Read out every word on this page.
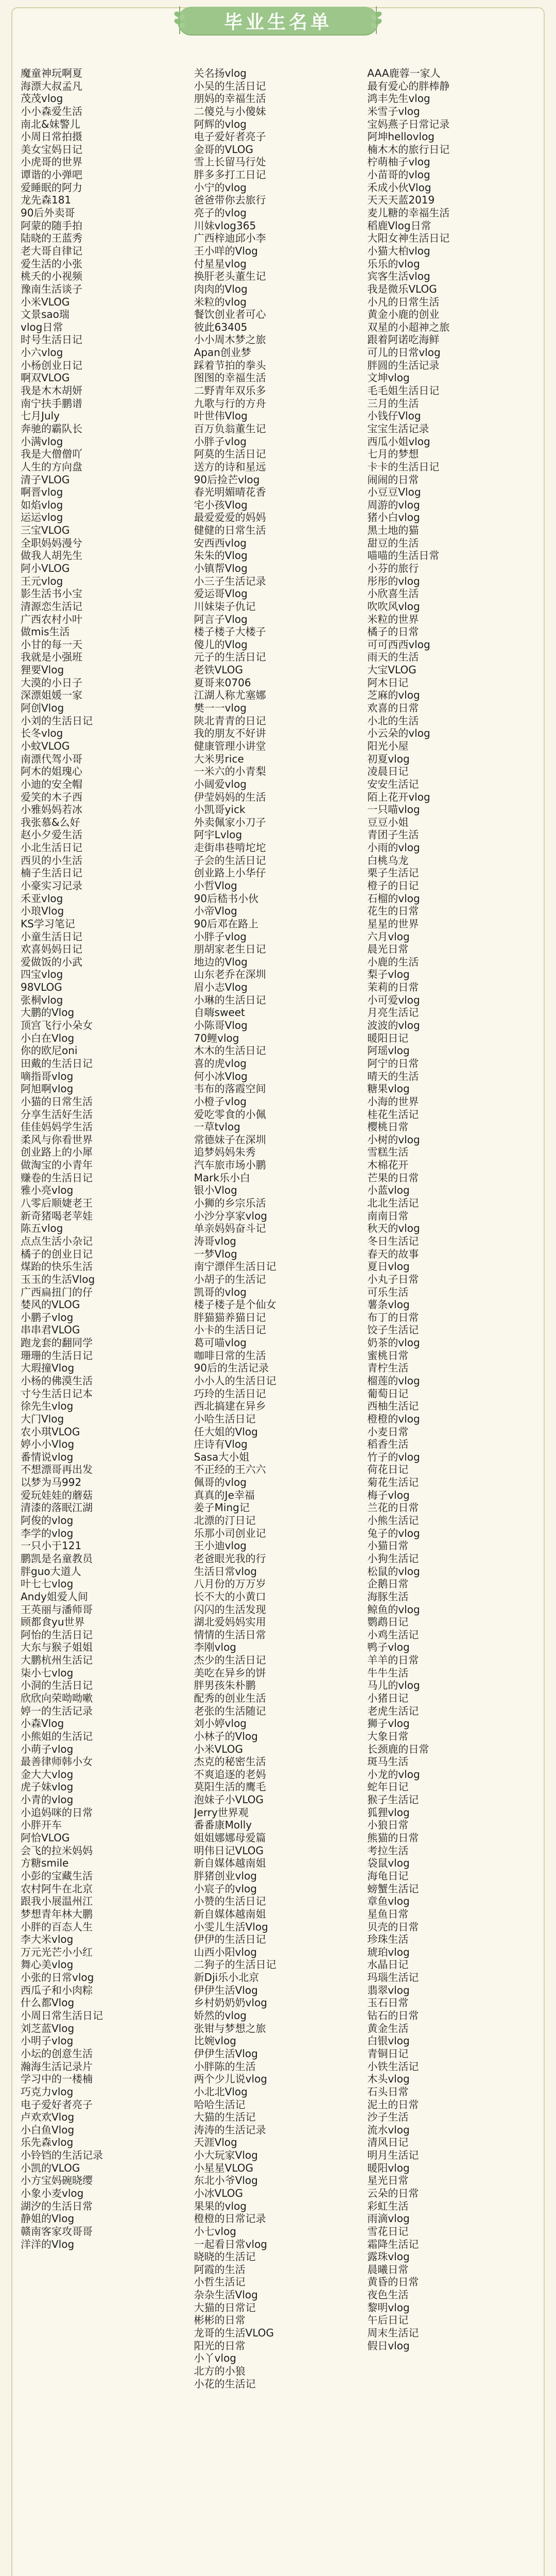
毕业生名单
魔童神玩啊夏
海漂大叔孟凡
茂茂vlog
小小森爱生活
南北&妹警儿
小周日常拍摄
美女宝妈日记
小虎哥的世界
谭谐的小弹吧
爱睡眠的阿力
龙先森181
90后外卖哥
阿蒙的随手拍
陆晓的王蓝秀
老大哥自律记
爱生活的小张
桃夭的小视频
豫南生活谈子
小米VLOG
文景sao瑞
vlog日常
时号生活日记
小六vlog
小杨创业日记
啊双VLOG
我是木木胡妍
南宁扶手鹏谱
七月July
奔驰的霸队长
小满vlog
我是大僧僧吖
人生的方向盘
清子VLOG
啊晋vlog
如焰vlog
运运vlog
三宝VLOG
全职妈妈漫兮
做我人胡先生
阿小VLOG
王元vlog
影生活书小宝
清源恋生活记
广西农村小叶
做mis生活
小甘的每一天
我就是小强班
狸要Vlog
大漠的小日子
深漂姐媛一家
阿创Vlog
小刘的生活日记
长冬vlog
小蚊VLOG
南漂代驾小哥
阿木的姐瑰心
小迪的安全帽
爱笑的木子西
小雅妈妈若冰
我张慕&么好
赵小夕爱生活
小北生活日记
西贝的小生活
楠子生活日记
小豪实习记录
禾亚vlog
小琅Vlog
KS学习笔记
小童生活日记
欢喜妈妈日记
爱做饭的小武
四宝vlog
98VLOG
张桐vlog
大鹏的Vlog
顶宫飞行小朵女
小白在Vlog
你的欧尼oni
田戴的生活日记
嘀指哥vlog
阿旭啊vlog
小猫的日常生活
分享生活好生活
佳佳妈妈学生活
柔风与你看世界
创业路上的小犀
做淘宝的小青年
赚卷的生活日记
雅小亮vlog
八零后顺婕老王
新奇猪喝老苹娃
陈五vlog
点点生活小杂记
橘子的创业日记
煤跆的快乐生活
玉玉的生活Vlog
广西扁扭门的仔
婪风的VLOG
小鹏子vlog
串串君VLOG
跑龙套的翻同学
珊珊的生活日记
大瑕撞Vlog
小杨的佛漠生活
寸兮生活日记本
徐先生vlog
大门Vlog
农小琪VLOG
婷小小Vlog
番情说vlog
不想漂哥再出发
以梦为马992
爱玩娃娃的蘑菇
清漆的落眠江湖
阿俊的vlog
李学的vlog
一只小于121
鹏凯是名童教员
胖guo大道人
叶七七vlog
Andy姐爱人间
王英丽与潘师哥
顾都食yu世界
阿怡的生活日记
大东与猴子姐姐
大鹏杭州生活记
柒小七vlog
小洞的生活日记
欣欣向荣呦呦嗽
婷一的生活记录
小森Vlog
小熊姐的生活记
小萌子vlog
最善律师韩小女
金大大vlog
虎子妹vlog
小青的vlog
小追妈咪的日常
小胖开车
阿恰VLOG
会飞的拉米妈妈
方糖smile
小彭的宝藏生活
农村阿牛在北京
跟我小展温州江
梦想青年林大鹏
小胖的百态人生
李大米vlog
万元光芒小小红
舞心美vlog
小张的日常vlog
西瓜子和小肉粽
什么都Vlog
小周日常生活日记
刘芝蓝Vlog
小明子vlog
小坛的创意生活
瀚海生活记录片
学习中的一楼楠
巧克力vlog
电子爱好者亮子
卢欢欢Vlog
小白鱼Vlog
乐先森vlog
小铃铛的生活记录
小凯的VLOG
小方宝妈碗晓缨
小象小麦vlog
湖汐的生活日常
静姐的Vlog
赣南客家攻哥哥
洋洋的Vlog
关名扬vlog
小吴的生活日记
朋妈的幸福生活
二傻兑与小傻妹
阿辉的vlog
电子爱好者亮子
金哥的VLOG
雪上长留马行处
胖多多打工日记
小宁的vlog
爸爸带你去旅行
亮子的vlog
川妹vlog365
广西梓迪邱小李
王小咩的Vlog
付星星vlog
换肝老头董生记
肉肉的Vlog
米粒的vlog
餐饮创业者可心
彼此63405
小小周木梦之旅
Apan创业梦
踩着节拍的拳头
图图的幸福生活
二野青年双乐多
九歌与行的方舟
叶世伟Vlog
百万负翁董生记
小胖子vlog
阿莫的生活日记
送方的诗和星远
90后捡芒vlog
春光明媚晴花香
宅小孩Vlog
最爱爱爱的妈妈
健健的日常生活
安西西vlog
朱朱的Vlog
小镇帮Vlog
小三子生活记录
爱运哥Vlog
川妹柒子仇记
阿言子Vlog
楼子楼子大楼子
傻儿的Vlog
元子的生活日记
老铁VLOG
夏哥来0706
江湖人称尤塞娜
樊一一vlog
陕北青青的日记
我的朋友不好讲
健康管理小讲堂
大米男rice
一米六的小青梨
小阔爱vlog
伊莹妈妈的生活
小凯哥yick
外卖佩家小刀子
阿宇Lvlog
走街串巷啃坨坨
子会的生活日记
创业路上小华仔
小哲Vlog
90后嵇书小伙
小帝Vlog
90后邓在路上
小胖子vlog
朋胡家老生日记
地边的Vlog
山东老乔在深圳
眉小志Vlog
小琳的生活日记
自嗨sweet
小陈哥Vlog
70鲤vlog
木木的生活日记
喜的虎vlog
何小冰Vlog
韦布的落霞空间
小橙子vlog
爱吃零食的小佩
一草tvlog
常德妹子在深圳
追梦妈妈朱秀
汽车旅市场小鹏
Mark乐小白
银小Vlog
小狮的乡宗乐活
小沙分享家vlog
单亲妈妈奋斗记
涛哥vlog
一梦Vlog
南宁漂伴生活日记
小胡子的生活记
凯哥的vlog
楼子楼子是个仙女
胖猫猫养猫日记
小卡的生活日记
葛可喵vlog
咖啡日常的生活
90后的生活记录
小小人的生活日记
巧玲的生活日记
西北搞建在异乡
小哈生活日记
任大姐的Vlog
庄诗有Vlog
Sasa大小姐
不正经的王六六
佩哥的vlog
真真的Je幸福
姜子Ming记
北漂的汀日记
乐那小司创业记
王小迪vlog
老爸眼光我的行
生活日常vlog
八月份的万万岁
长不大的小黄口
闪闪的生活发现
湖北爱妈妈实用
情情的生活日常
李刚vlog
杰少的生活日记
美吃在异乡的饼
胖男孩朱朴鹏
配秀的创业生活
老张的生活随记
刘小婷vlog
小林子的Vlog
小米VLOG
杰克的秘密生活
不爽追逐的老妈
莫阳生活的鹰毛
泡妹子小VLOG
Jerry世界观
番番康Molly
姐姐娜娜母爱篇
明伟日记VLOG
新自媒体越南姐
胖猪创业vlog
小宸子的vlog
小赞的生活日记
新自媒体越南姐
小雯儿生活Vlog
伊伊的生活日记
山西小阳vlog
二狗子的生活日记
新Dji乐小北京
伊伊生活Vlog
乡村奶奶奶vlog
娇然的vlog
张钳与梦想之旅
比婉vlog
伊伊生活Vlog
小胖陈的生活
两个少儿说vlog
小北北Vlog
哈哈生活记
大猫的生活记
涛涛的生活记录
天涯Vlog
小大玩家Vlog
小星星VLOG
东北小爷Vlog
小冰VLOG
果果的vlog
橙橙的日常记录
小七vlog
一起看日常vlog
晓晓的生活记
阿霞的生活
小哲生活记
杂杂生活Vlog
大猫的日常记
彬彬的日常
龙哥的生活VLOG
阳光的日常
小丫vlog
北方的小狼
小花的生活记
AAA鹿蓉一家人
最有爱心的胖棒静
鸿丰先生vlog
米雪子vlog
宝妈燕子日常记录
阿坤hellovlog
楠木木的旅行日记
柠萌柚子vlog
小苗哥的vlog
禾成小伙Vlog
天天天蓝2019
麦儿糖的幸福生活
稻鹿Vlog日常
大阳女神生活日记
小猫大柏vlog
乐乐的vlog
宾客生活vlog
我是微乐VLOG
小凡的日常生活
黄金小鹿的创业
双星的小超神之旅
跟着阿诺吃海鲜
可儿的日常vlog
胖圆的生活记录
文坤vlog
毛毛姐生活日记
三月的生活
小钱仔Vlog
宝宝生活记录
西瓜小姐vlog
七月的梦想
卡卡的生活日记
闹闹的日常
小豆豆Vlog
周游的vlog
猪小白vlog
黑土地的猫
甜豆的生活
喵喵的生活日常
小芬的旅行
彤彤的vlog
小欣喜生活
吹吹风vlog
米粒的世界
橘子的日常
可可西西vlog
雨天的生活
大宝VLOG
阿木日记
芝麻的vlog
欢喜的日常
小北的生活
小云朵的vlog
阳光小屋
初夏vlog
凌晨日记
安安生活记
陌上花开vlog
一只喵vlog
豆豆小姐
青团子生活
小雨的vlog
白桃乌龙
栗子生活记
橙子的日记
石榴的vlog
花生的日常
星星的世界
六月vlog
晨光日常
小鹿的生活
梨子vlog
茉莉的日常
小可爱vlog
月亮生活记
波波的vlog
暖阳日记
阿瑶vlog
阿宁的日常
晴天的生活
糖果vlog
小海的世界
桂花生活记
樱桃日常
小树的vlog
雪糕生活
木棉花开
芒果的日常
小蓝vlog
北北生活记
南南日常
秋天的vlog
冬日生活记
春天的故事
夏日vlog
小丸子日常
可乐生活
薯条vlog
布丁的日常
饺子生活记
奶茶的vlog
蜜桃日常
青柠生活
榴莲的vlog
葡萄日记
西柚生活记
橙橙的vlog
小麦日常
稻香生活
竹子的vlog
荷花日记
菊花生活记
梅子vlog
兰花的日常
小熊生活记
兔子的vlog
小猫日常
小狗生活记
松鼠的vlog
企鹅日常
海豚生活
鲸鱼的vlog
鹦鹉日记
小鸡生活记
鸭子vlog
羊羊的日常
牛牛生活
马儿的vlog
小猪日记
老虎生活记
狮子vlog
大象日常
长颈鹿的日常
斑马生活
小龙的vlog
蛇年日记
猴子生活记
狐狸vlog
小狼日常
熊猫的日常
考拉生活
袋鼠vlog
海龟日记
螃蟹生活记
章鱼vlog
星鱼日常
贝壳的日常
珍珠生活
琥珀vlog
水晶日记
玛瑙生活记
翡翠vlog
玉石日常
钻石的日常
黄金生活
白银vlog
青铜日记
小铁生活记
木头vlog
石头日常
泥土的日常
沙子生活
流水vlog
清风日记
明月生活记
暖阳vlog
星光日常
云朵的日常
彩虹生活
雨滴vlog
雪花日记
霜降生活记
露珠vlog
晨曦日常
黄昏的日常
夜色生活
黎明vlog
午后日记
周末生活记
假日vlog
